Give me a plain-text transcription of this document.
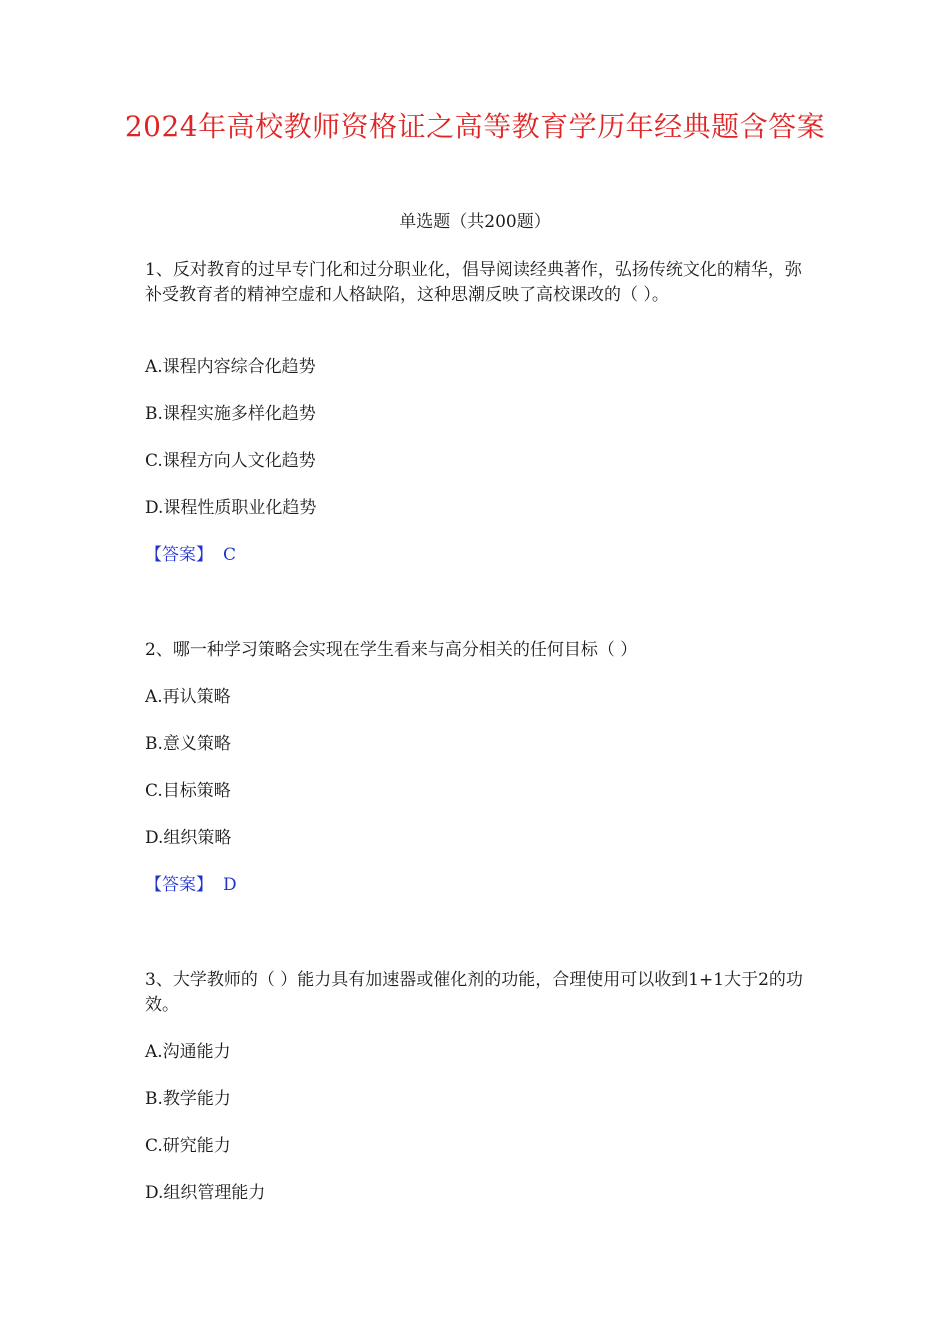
2024年高校教师资格证之高等教育学历年经典题含答案
单选题（共200题）
1、反对教育的过早专门化和过分职业化，倡导阅读经典著作，弘扬传统文化的精华，弥补受教育者的精神空虚和人格缺陷，这种思潮反映了高校课改的（ ）。
A.课程内容综合化趋势
B.课程实施多样化趋势
C.课程方向人文化趋势
D.课程性质职业化趋势
【答案】 C
2、哪一种学习策略会实现在学生看来与高分相关的任何目标（ ）
A.再认策略
B.意义策略
C.目标策略
D.组织策略
【答案】 D
3、大学教师的（ ）能力具有加速器或催化剂的功能，合理使用可以收到1+1大于2的功效。
A.沟通能力
B.教学能力
C.研究能力
D.组织管理能力
